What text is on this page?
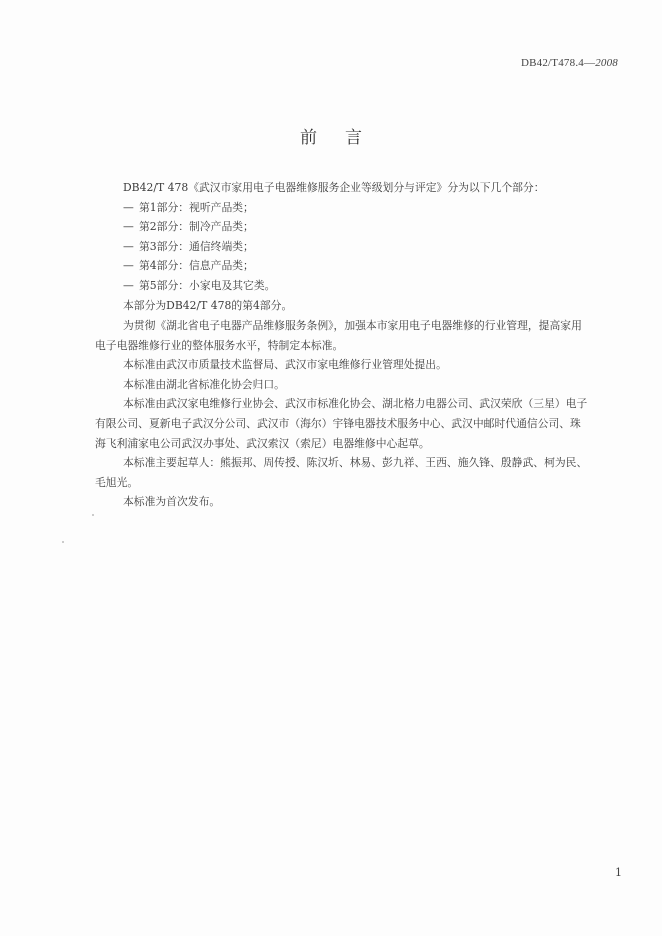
DB42/T478.4—2008
前言
DB42/T 478《武汉市家用电子电器维修服务企业等级划分与评定》分为以下几个部分：
— 第1部分：视听产品类；
— 第2部分：制冷产品类；
— 第3部分：通信终端类；
— 第4部分：信息产品类；
— 第5部分：小家电及其它类。
本部分为DB42/T 478的第4部分。
为贯彻《湖北省电子电器产品维修服务条例》，加强本市家用电子电器维修的行业管理，提高家用
电子电器维修行业的整体服务水平，特制定本标准。
本标准由武汉市质量技术监督局、武汉市家电维修行业管理处提出。
本标准由湖北省标准化协会归口。
本标准由武汉家电维修行业协会、武汉市标准化协会、湖北格力电器公司、武汉荣欣（三星）电子
有限公司、夏新电子武汉分公司、武汉市（海尔）宇锋电器技术服务中心、武汉中邮时代通信公司、珠
海飞利浦家电公司武汉办事处、武汉索汉（索尼）电器维修中心起草。
本标准主要起草人：熊振邦、周传授、陈汉圻、林易、彭九祥、王西、施久锋、殷静武、柯为民、
毛旭光。
本标准为首次发布。
1
